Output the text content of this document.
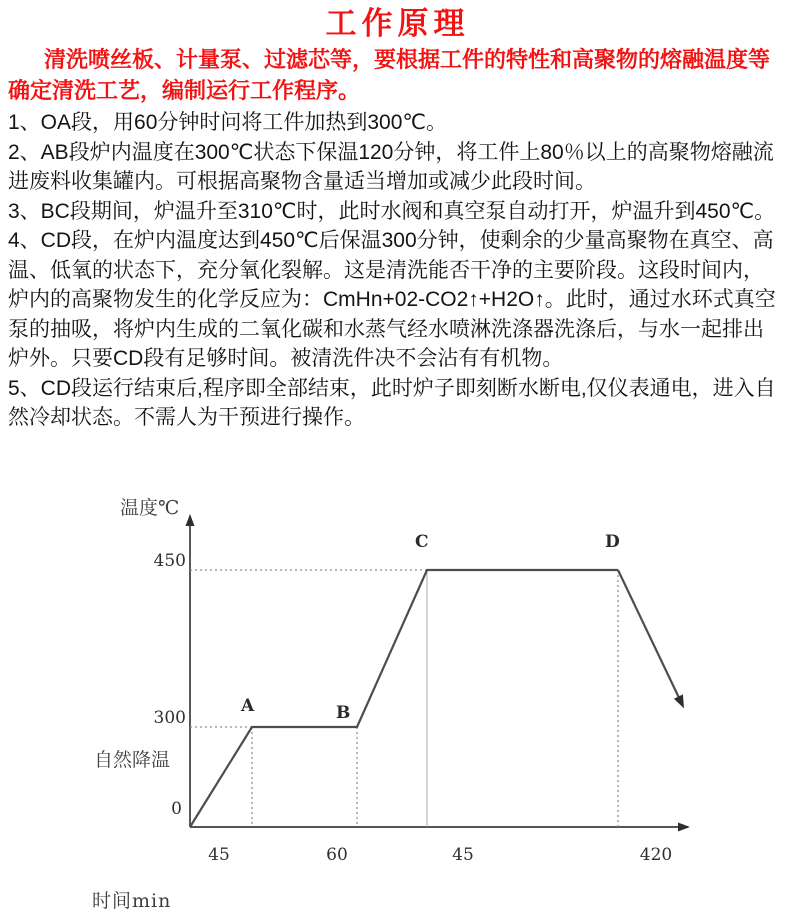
工作原理

清洗喷丝板、计量泵、过滤芯等，要根据工件的特性和高聚物的熔融温度等确定清洗工艺，编制运行工作程序。

1、OA段，用60分钟时问将工件加热到300℃。

2、AB段炉内温度在300℃状态下保温120分钟，将工件上80％以上的高聚物熔融流进废料收集罐内。可根据高聚物含量适当增加或减少此段时间。

3、BC段期间，炉温升至310℃时，此时水阀和真空泵自动打开，炉温升到450℃。

4、CD段，在炉内温度达到450℃后保温300分钟，使剩余的少量高聚物在真空、高温、低氧的状态下，充分氧化裂解。这是清洗能否干净的主要阶段。这段时间内，炉内的高聚物发生的化学反应为：CmHn+02-CO2↑+H2O↑。此时，通过水环式真空泵的抽吸，将炉内生成的二氧化碳和水蒸气经水喷淋洗涤器洗涤后，与水一起排出炉外。只要CD段有足够时间。被清洗件决不会沾有有机物。

5、CD段运行结束后,程序即全部结束，此时炉子即刻断水断电,仅仪表通电，进入自然冷却状态。不需人为干预进行操作。

温度℃
450
300
0
自然降温
A	B
C	D
45	60	45	420
时间min
